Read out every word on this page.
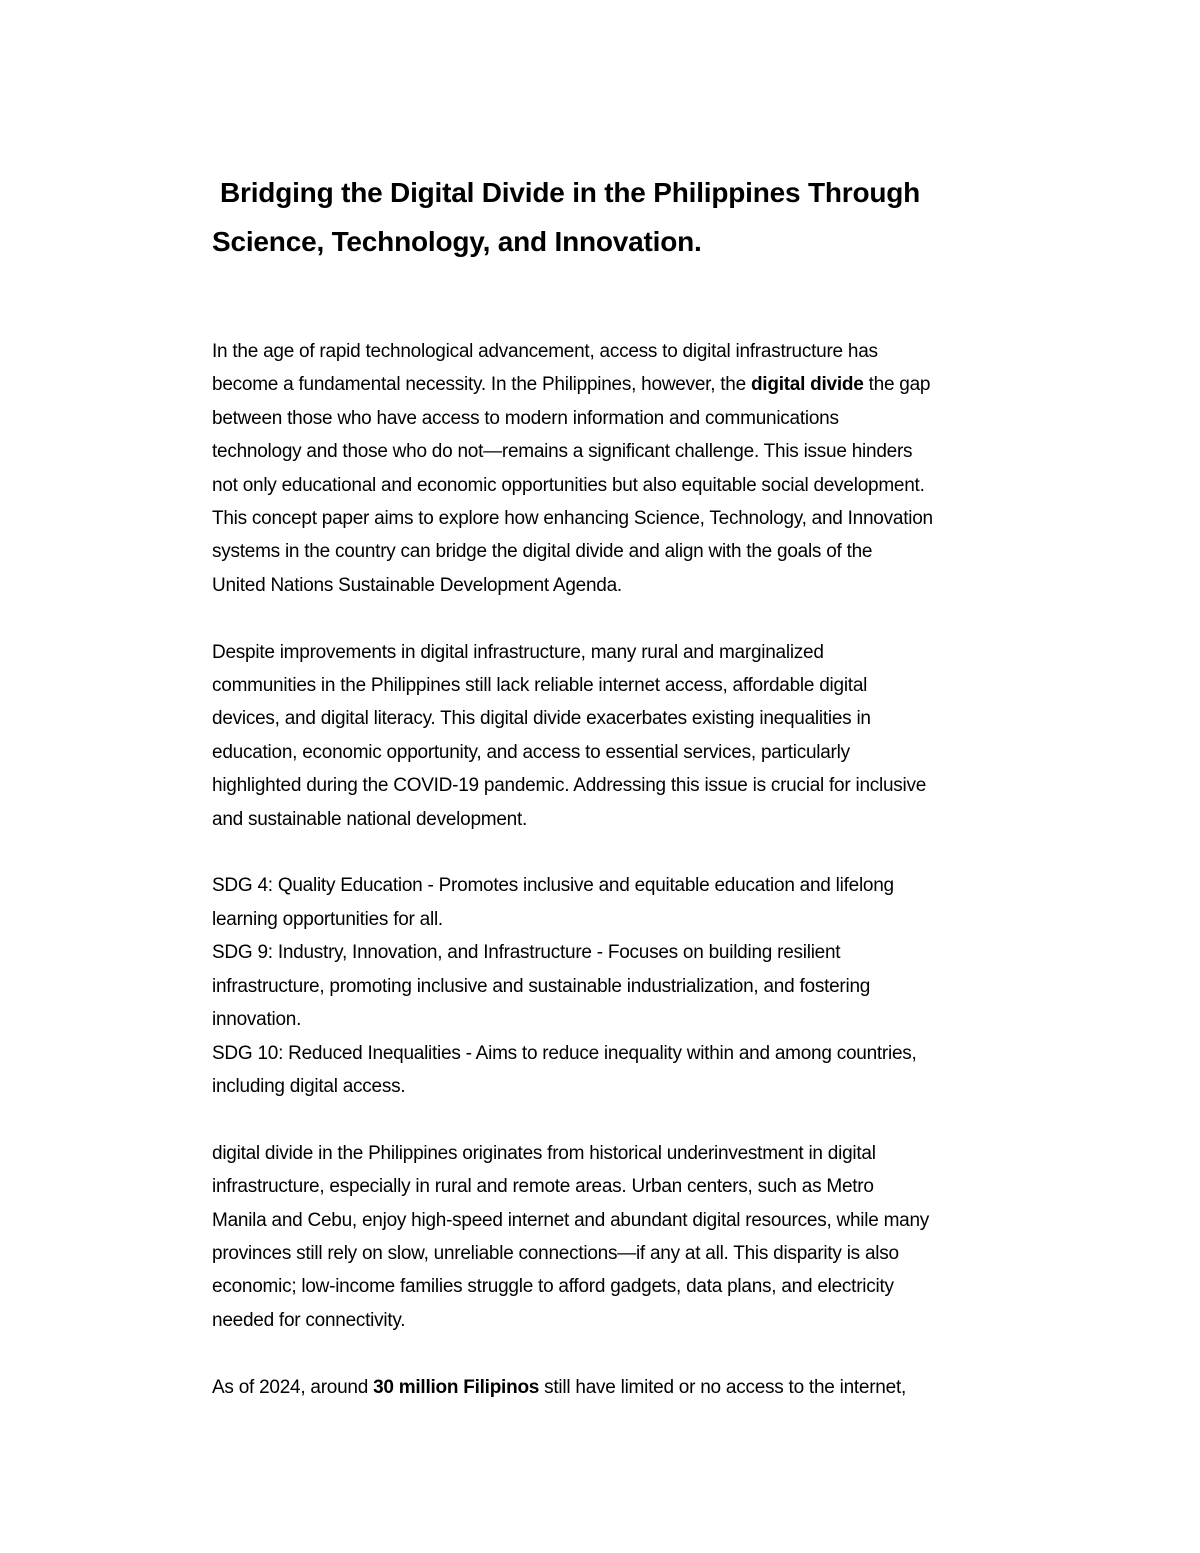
Bridging the Digital Divide in the Philippines Through
Science, Technology, and Innovation.

In the age of rapid technological advancement, access to digital infrastructure has
become a fundamental necessity. In the Philippines, however, the digital divide the gap
between those who have access to modern information and communications
technology and those who do not—remains a significant challenge. This issue hinders
not only educational and economic opportunities but also equitable social development.
This concept paper aims to explore how enhancing Science, Technology, and Innovation
systems in the country can bridge the digital divide and align with the goals of the
United Nations Sustainable Development Agenda.

Despite improvements in digital infrastructure, many rural and marginalized
communities in the Philippines still lack reliable internet access, affordable digital
devices, and digital literacy. This digital divide exacerbates existing inequalities in
education, economic opportunity, and access to essential services, particularly
highlighted during the COVID-19 pandemic. Addressing this issue is crucial for inclusive
and sustainable national development.

SDG 4: Quality Education - Promotes inclusive and equitable education and lifelong
learning opportunities for all.
SDG 9: Industry, Innovation, and Infrastructure - Focuses on building resilient
infrastructure, promoting inclusive and sustainable industrialization, and fostering
innovation.
SDG 10: Reduced Inequalities - Aims to reduce inequality within and among countries,
including digital access.

digital divide in the Philippines originates from historical underinvestment in digital
infrastructure, especially in rural and remote areas. Urban centers, such as Metro
Manila and Cebu, enjoy high-speed internet and abundant digital resources, while many
provinces still rely on slow, unreliable connections—if any at all. This disparity is also
economic; low-income families struggle to afford gadgets, data plans, and electricity
needed for connectivity.

As of 2024, around 30 million Filipinos still have limited or no access to the internet,
